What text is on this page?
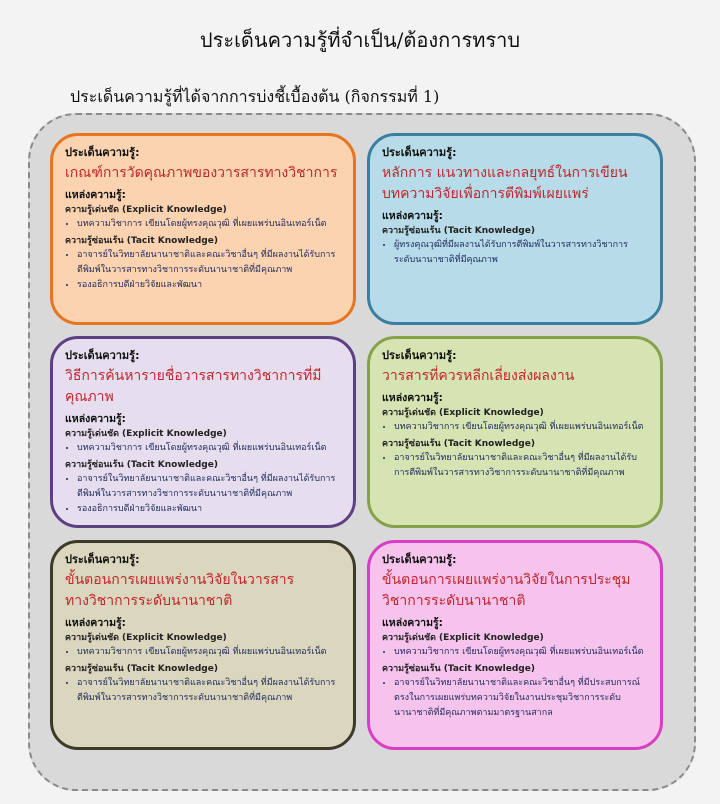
ประเด็นความรู้ที่จำเป็น/ต้องการทราบ
ประเด็นความรู้ที่ได้จากการบ่งชี้เบื้องต้น (กิจกรรมที่ 1)
ประเด็นความรู้:
เกณฑ์การวัดคุณภาพของวารสารทางวิชาการ
แหล่งความรู้:
ความรู้เด่นชัด (Explicit Knowledge)
• บทความวิชาการ เขียนโดยผู้ทรงคุณวุฒิ ที่เผยแพร่บนอินเทอร์เน็ต
ความรู้ซ่อนเร้น (Tacit Knowledge)
• อาจารย์ในวิทยาลัยนานาชาติและคณะวิชาอื่นๆ ที่มีผลงานได้รับการตีพิมพ์ในวารสารทางวิชาการระดับนานาชาติที่มีคุณภาพ
• รองอธิการบดีฝ่ายวิจัยและพัฒนา
ประเด็นความรู้:
หลักการ แนวทางและกลยุทธ์ในการเขียน
บทความวิจัยเพื่อการตีพิมพ์เผยแพร่
แหล่งความรู้:
ความรู้ซ่อนเร้น (Tacit Knowledge)
• ผู้ทรงคุณวุฒิที่มีผลงานได้รับการตีพิมพ์ในวารสารทางวิชาการระดับนานาชาติที่มีคุณภาพ
ประเด็นความรู้:
วิธีการค้นหารายชื่อวารสารทางวิชาการที่มีคุณภาพ
แหล่งความรู้:
ความรู้เด่นชัด (Explicit Knowledge)
• บทความวิชาการ เขียนโดยผู้ทรงคุณวุฒิ ที่เผยแพร่บนอินเทอร์เน็ต
ความรู้ซ่อนเร้น (Tacit Knowledge)
• อาจารย์ในวิทยาลัยนานาชาติและคณะวิชาอื่นๆ ที่มีผลงานได้รับการตีพิมพ์ในวารสารทางวิชาการระดับนานาชาติที่มีคุณภาพ
• รองอธิการบดีฝ่ายวิจัยและพัฒนา
ประเด็นความรู้:
วารสารที่ควรหลีกเลี่ยงส่งผลงาน
แหล่งความรู้:
ความรู้เด่นชัด (Explicit Knowledge)
• บทความวิชาการ เขียนโดยผู้ทรงคุณวุฒิ ที่เผยแพร่บนอินเทอร์เน็ต
ความรู้ซ่อนเร้น (Tacit Knowledge)
• อาจารย์ในวิทยาลัยนานาชาติและคณะวิชาอื่นๆ ที่มีผลงานได้รับการตีพิมพ์ในวารสารทางวิชาการระดับนานาชาติที่มีคุณภาพ
ประเด็นความรู้:
ขั้นตอนการเผยแพร่งานวิจัยในวารสาร
ทางวิชาการระดับนานาชาติ
แหล่งความรู้:
ความรู้เด่นชัด (Explicit Knowledge)
• บทความวิชาการ เขียนโดยผู้ทรงคุณวุฒิ ที่เผยแพร่บนอินเทอร์เน็ต
ความรู้ซ่อนเร้น (Tacit Knowledge)
• อาจารย์ในวิทยาลัยนานาชาติและคณะวิชาอื่นๆ ที่มีผลงานได้รับการตีพิมพ์ในวารสารทางวิชาการระดับนานาชาติที่มีคุณภาพ
ประเด็นความรู้:
ขั้นตอนการเผยแพร่งานวิจัยในการประชุม
วิชาการระดับนานาชาติ
แหล่งความรู้:
ความรู้เด่นชัด (Explicit Knowledge)
• บทความวิชาการ เขียนโดยผู้ทรงคุณวุฒิ ที่เผยแพร่บนอินเทอร์เน็ต
ความรู้ซ่อนเร้น (Tacit Knowledge)
• อาจารย์ในวิทยาลัยนานาชาติและคณะวิชาอื่นๆ ที่มีประสบการณ์ตรงในการเผยแพร่บทความวิจัยในงานประชุมวิชาการระดับนานาชาติที่มีคุณภาพตามมาตรฐานสากล
